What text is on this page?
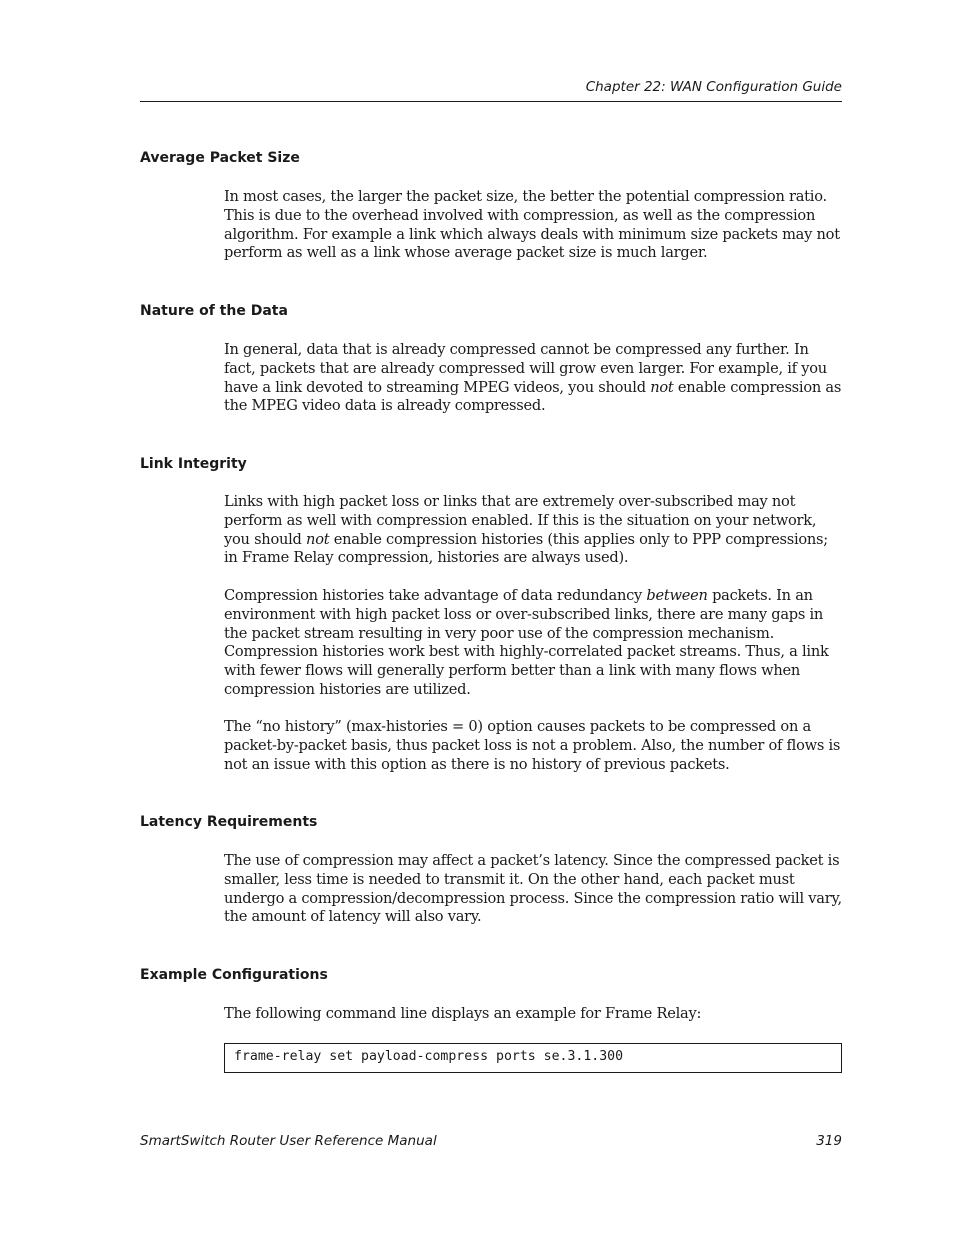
Chapter 22: WAN Configuration Guide
Average Packet Size

In most cases, the larger the packet size, the better the potential compression ratio. This is due to the overhead involved with compression, as well as the compression algorithm. For example a link which always deals with minimum size packets may not perform as well as a link whose average packet size is much larger.

Nature of the Data

In general, data that is already compressed cannot be compressed any further. In fact, packets that are already compressed will grow even larger. For example, if you have a link devoted to streaming MPEG videos, you should not enable compression as the MPEG video data is already compressed.

Link Integrity

Links with high packet loss or links that are extremely over-subscribed may not perform as well with compression enabled. If this is the situation on your network, you should not enable compression histories (this applies only to PPP compressions; in Frame Relay compression, histories are always used).

Compression histories take advantage of data redundancy between packets. In an environment with high packet loss or over-subscribed links, there are many gaps in the packet stream resulting in very poor use of the compression mechanism. Compression histories work best with highly-correlated packet streams. Thus, a link with fewer flows will generally perform better than a link with many flows when compression histories are utilized.

The “no history” (max-histories = 0) option causes packets to be compressed on a packet-by-packet basis, thus packet loss is not a problem. Also, the number of flows is not an issue with this option as there is no history of previous packets.

Latency Requirements

The use of compression may affect a packet’s latency. Since the compressed packet is smaller, less time is needed to transmit it. On the other hand, each packet must undergo a compression/decompression process. Since the compression ratio will vary, the amount of latency will also vary.

Example Configurations

The following command line displays an example for Frame Relay:

frame-relay set payload-compress ports se.3.1.300
SmartSwitch Router User Reference Manual	319
